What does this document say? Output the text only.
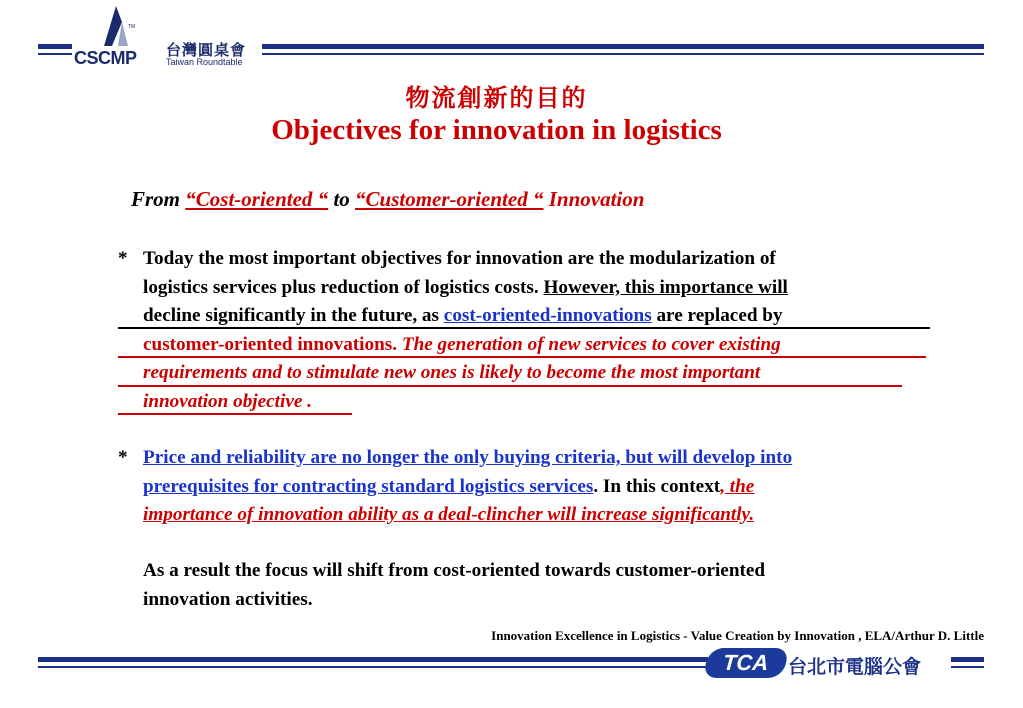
TM
CSCMP 台灣圓桌會
Taiwan Roundtable
物流創新的目的
Objectives for innovation in logistics
From “Cost-oriented “ to “Customer-oriented “ Innovation
* Today the most important objectives for innovation are the modularization of
logistics services plus reduction of logistics costs. However, this importance will
decline significantly in the future, as cost-oriented-innovations are replaced by
customer-oriented innovations. The generation of new services to cover existing
requirements and to stimulate new ones is likely to become the most important
innovation objective .
* Price and reliability are no longer the only buying criteria, but will develop into
prerequisites for contracting standard logistics services. In this context, the
importance of innovation ability as a deal-clincher will increase significantly.
As a result the focus will shift from cost-oriented towards customer-oriented
innovation activities.
Innovation Excellence in Logistics - Value Creation by Innovation , ELA/Arthur D. Little
TCA 台北市電腦公會
